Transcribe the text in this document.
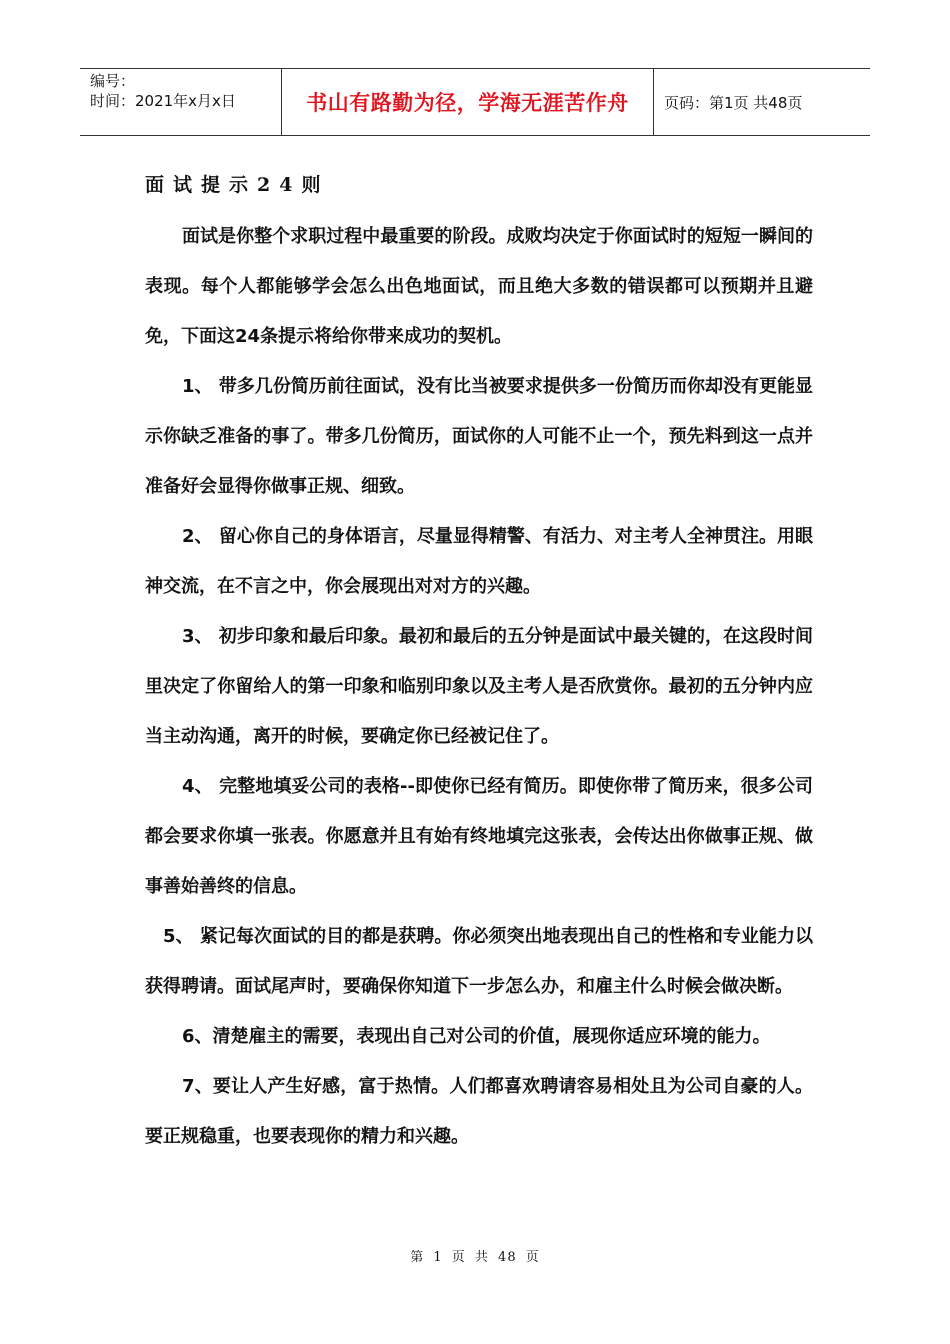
编号：
时间：2021年x月x日	书山有路勤为径，学海无涯苦作舟	页码：第1页 共48页
面试提示24则

面试是你整个求职过程中最重要的阶段。成败均决定于你面试时的短短一瞬间的表现。每个人都能够学会怎么出色地面试，而且绝大多数的错误都可以预期并且避免，下面这24条提示将给你带来成功的契机。

1、 带多几份简历前往面试，没有比当被要求提供多一份简历而你却没有更能显示你缺乏准备的事了。带多几份简历，面试你的人可能不止一个，预先料到这一点并准备好会显得你做事正规、细致。

2、 留心你自己的身体语言，尽量显得精警、有活力、对主考人全神贯注。用眼神交流，在不言之中，你会展现出对对方的兴趣。

3、 初步印象和最后印象。最初和最后的五分钟是面试中最关键的，在这段时间里决定了你留给人的第一印象和临别印象以及主考人是否欣赏你。最初的五分钟内应当主动沟通，离开的时候，要确定你已经被记住了。

4、 完整地填妥公司的表格--即使你已经有简历。即使你带了简历来，很多公司都会要求你填一张表。你愿意并且有始有终地填完这张表，会传达出你做事正规、做事善始善终的信息。

5、 紧记每次面试的目的都是获聘。你必须突出地表现出自己的性格和专业能力以获得聘请。面试尾声时，要确保你知道下一步怎么办，和雇主什么时候会做决断。

6、清楚雇主的需要，表现出自己对公司的价值，展现你适应环境的能力。

7、要让人产生好感，富于热情。人们都喜欢聘请容易相处且为公司自豪的人。要正规稳重，也要表现你的精力和兴趣。

第 1 页 共 48 页
